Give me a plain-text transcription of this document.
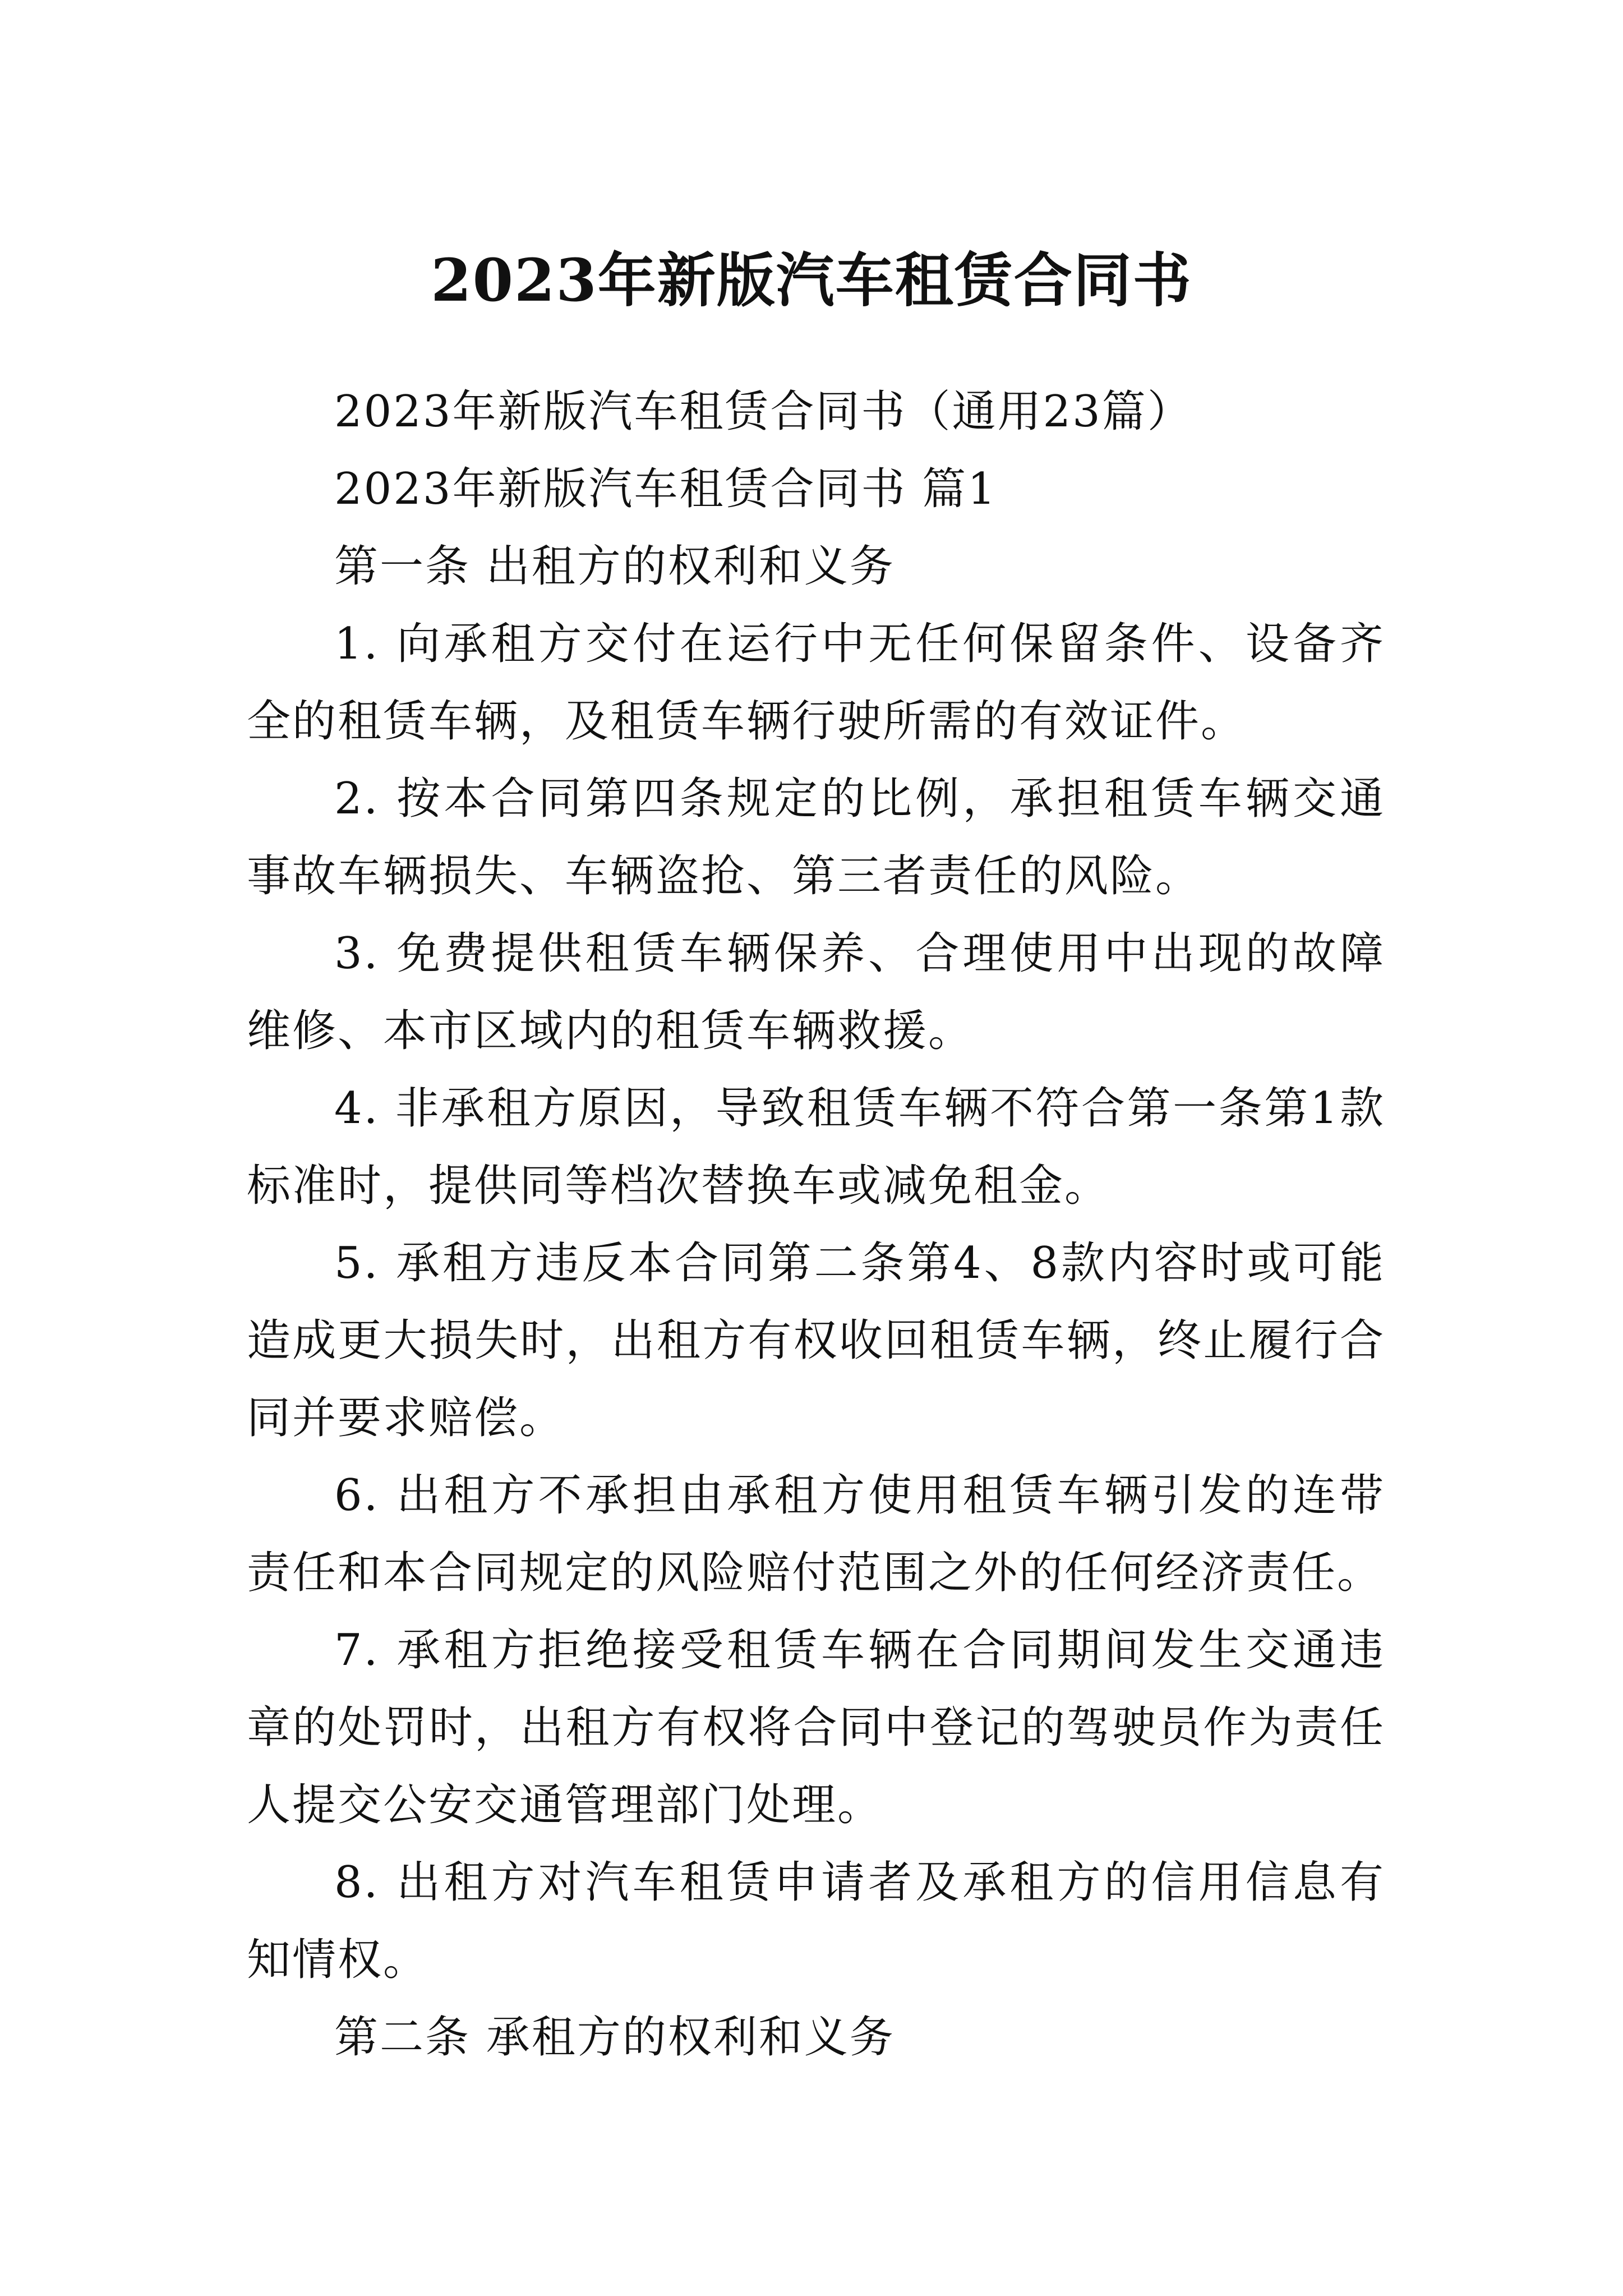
2023年新版汽车租赁合同书

2023年新版汽车租赁合同书（通用23篇）

2023年新版汽车租赁合同书 篇1

第一条 出租方的权利和义务

1. 向承租方交付在运行中无任何保留条件、设备齐全的租赁车辆，及租赁车辆行驶所需的有效证件。

2. 按本合同第四条规定的比例，承担租赁车辆交通事故车辆损失、车辆盗抢、第三者责任的风险。

3. 免费提供租赁车辆保养、合理使用中出现的故障维修、本市区域内的租赁车辆救援。

4. 非承租方原因，导致租赁车辆不符合第一条第1款标准时，提供同等档次替换车或减免租金。

5. 承租方违反本合同第二条第4、8款内容时或可能造成更大损失时，出租方有权收回租赁车辆，终止履行合同并要求赔偿。

6. 出租方不承担由承租方使用租赁车辆引发的连带责任和本合同规定的风险赔付范围之外的任何经济责任。

7. 承租方拒绝接受租赁车辆在合同期间发生交通违章的处罚时，出租方有权将合同中登记的驾驶员作为责任人提交公安交通管理部门处理。

8. 出租方对汽车租赁申请者及承租方的信用信息有知情权。

第二条 承租方的权利和义务
